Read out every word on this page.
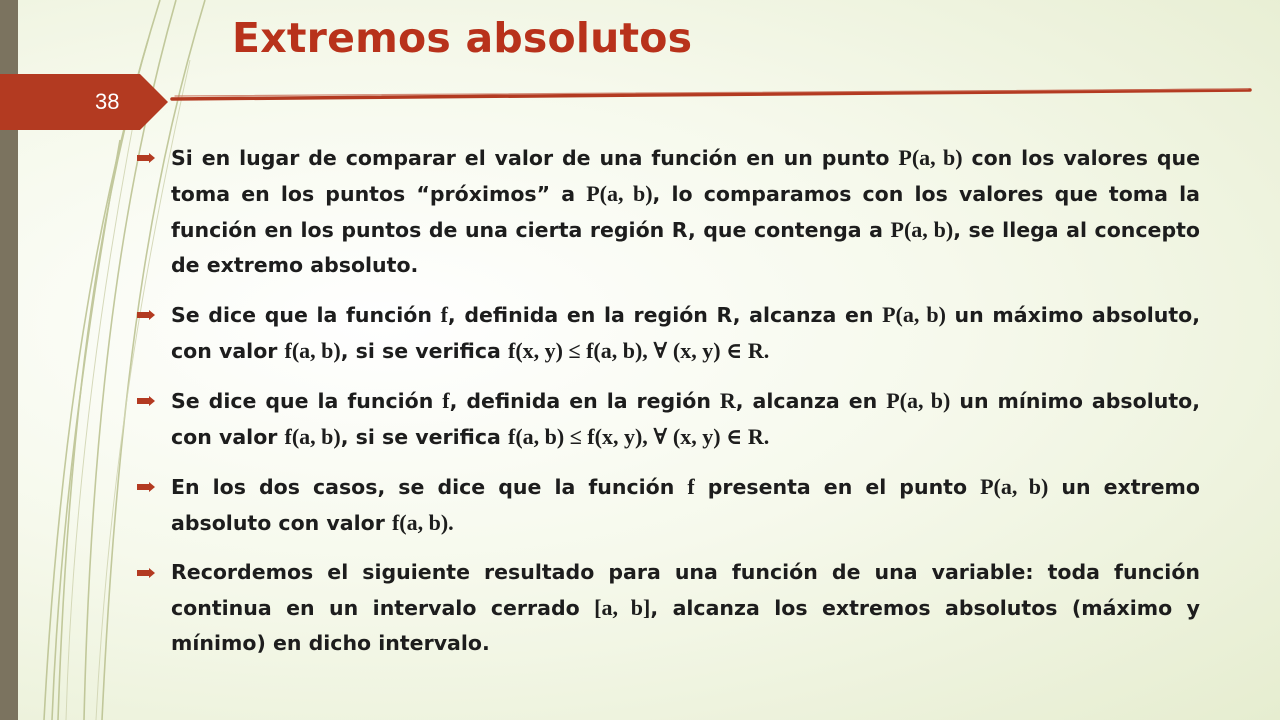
Extremos absolutos
38
Si en lugar de comparar el valor de una función en un punto P(a, b) con los valores que toma en los puntos “próximos” a P(a, b), lo comparamos con los valores que toma la función en los puntos de una cierta región R, que contenga a P(a, b), se llega al concepto de extremo absoluto.
Se dice que la función f, definida en la región R, alcanza en P(a, b) un máximo absoluto, con valor f(a, b), si se verifica f(x, y) ≤ f(a, b), ∀ (x, y) ∈ R.
Se dice que la función f, definida en la región R, alcanza en P(a, b) un mínimo absoluto, con valor f(a, b), si se verifica f(a, b) ≤ f(x, y), ∀ (x, y) ∈ R.
En los dos casos, se dice que la función f presenta en el punto P(a, b) un extremo absoluto con valor f(a, b).
Recordemos el siguiente resultado para una función de una variable: toda función continua en un intervalo cerrado [a, b], alcanza los extremos absolutos (máximo y mínimo) en dicho intervalo.
